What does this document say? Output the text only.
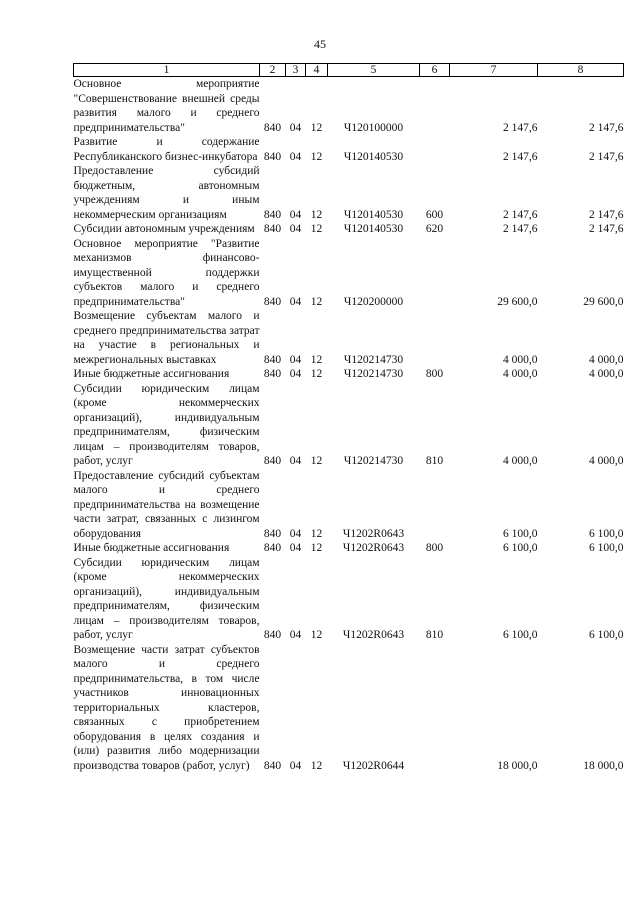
45
1	2	3	4	5	6	7	8
Основное мероприятие "Совершенствование внешней среды развития малого и среднего предпринимательства"	840	04	12	Ч120100000		2 147,6	2 147,6
Развитие и содержание Республиканского бизнес-инкубатора	840	04	12	Ч120140530		2 147,6	2 147,6
Предоставление субсидий бюджетным, автономным учреждениям и иным некоммерческим организациям	840	04	12	Ч120140530	600	2 147,6	2 147,6
Субсидии автономным учреждениям	840	04	12	Ч120140530	620	2 147,6	2 147,6
Основное мероприятие "Развитие механизмов финансово-имущественной поддержки субъектов малого и среднего предпринимательства"	840	04	12	Ч120200000		29 600,0	29 600,0
Возмещение субъектам малого и среднего предпринимательства затрат на участие в региональных и межрегиональных выставках	840	04	12	Ч120214730		4 000,0	4 000,0
Иные бюджетные ассигнования	840	04	12	Ч120214730	800	4 000,0	4 000,0
Субсидии юридическим лицам (кроме некоммерческих организаций), индивидуальным предпринимателям, физическим лицам – производителям товаров, работ, услуг	840	04	12	Ч120214730	810	4 000,0	4 000,0
Предоставление субсидий субъектам малого и среднего предпринимательства на возмещение части затрат, связанных с лизингом оборудования	840	04	12	Ч1202R0643		6 100,0	6 100,0
Иные бюджетные ассигнования	840	04	12	Ч1202R0643	800	6 100,0	6 100,0
Субсидии юридическим лицам (кроме некоммерческих организаций), индивидуальным предпринимателям, физическим лицам – производителям товаров, работ, услуг	840	04	12	Ч1202R0643	810	6 100,0	6 100,0
Возмещение части затрат субъектов малого и среднего предпринимательства, в том числе участников инновационных территориальных кластеров, связанных с приобретением оборудования в целях создания и (или) развития либо модернизации производства товаров (работ, услуг)	840	04	12	Ч1202R0644		18 000,0	18 000,0
